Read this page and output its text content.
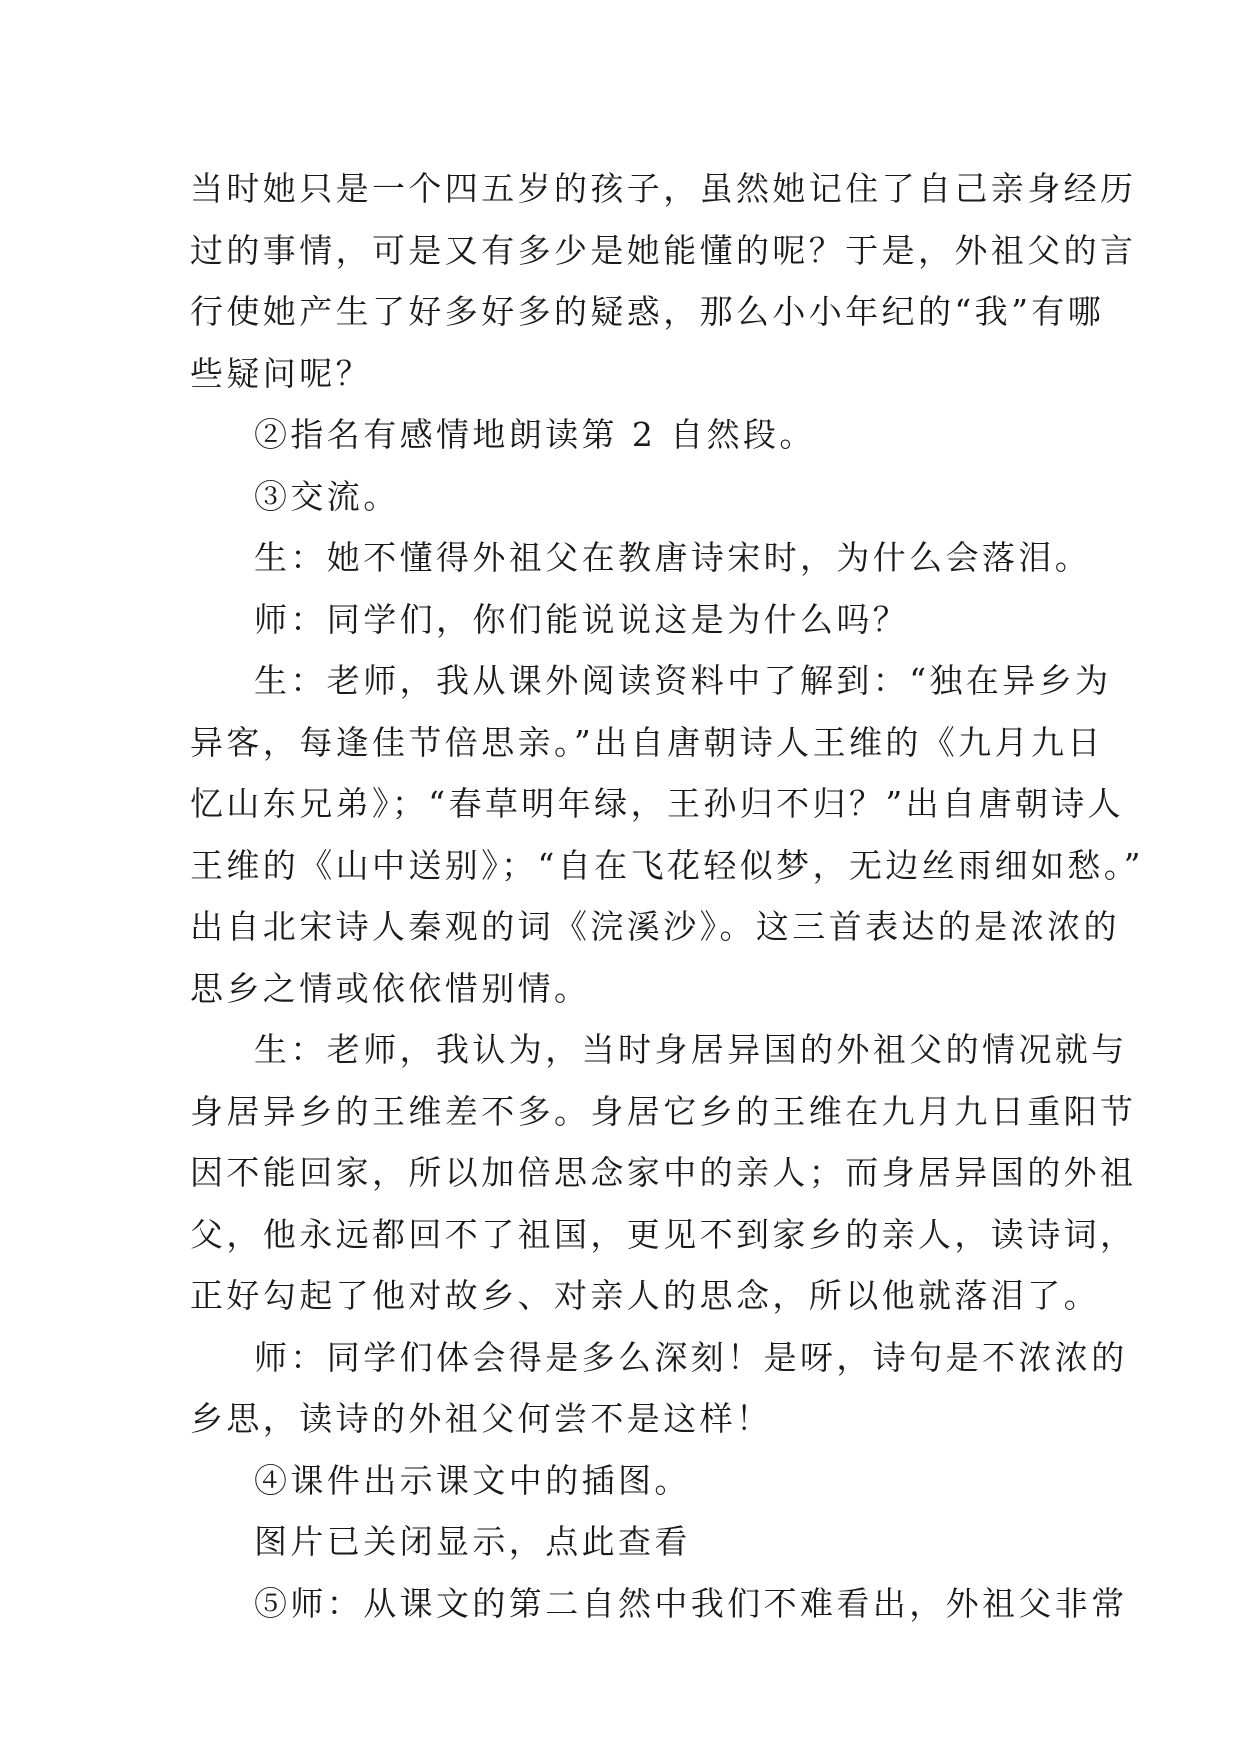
当时她只是一个四五岁的孩子，虽然她记住了自己亲身经历
过的事情，可是又有多少是她能懂的呢？于是，外祖父的言
行使她产生了好多好多的疑惑，那么小小年纪的“我”有哪
些疑问呢？
②指名有感情地朗读第 2 自然段。
③交流。
生：她不懂得外祖父在教唐诗宋时，为什么会落泪。
师：同学们，你们能说说这是为什么吗？
生：老师，我从课外阅读资料中了解到：“独在异乡为
异客，每逢佳节倍思亲。”出自唐朝诗人王维的《九月九日
忆山东兄弟》；“春草明年绿，王孙归不归？”出自唐朝诗人
王维的《山中送别》；“自在飞花轻似梦，无边丝雨细如愁。”
出自北宋诗人秦观的词《浣溪沙》。这三首表达的是浓浓的
思乡之情或依依惜别情。
生：老师，我认为，当时身居异国的外祖父的情况就与
身居异乡的王维差不多。身居它乡的王维在九月九日重阳节
因不能回家，所以加倍思念家中的亲人；而身居异国的外祖
父，他永远都回不了祖国，更见不到家乡的亲人，读诗词，
正好勾起了他对故乡、对亲人的思念，所以他就落泪了。
师：同学们体会得是多么深刻！是呀，诗句是不浓浓的
乡思，读诗的外祖父何尝不是这样！
④课件出示课文中的插图。
图片已关闭显示，点此查看
⑤师：从课文的第二自然中我们不难看出，外祖父非常
